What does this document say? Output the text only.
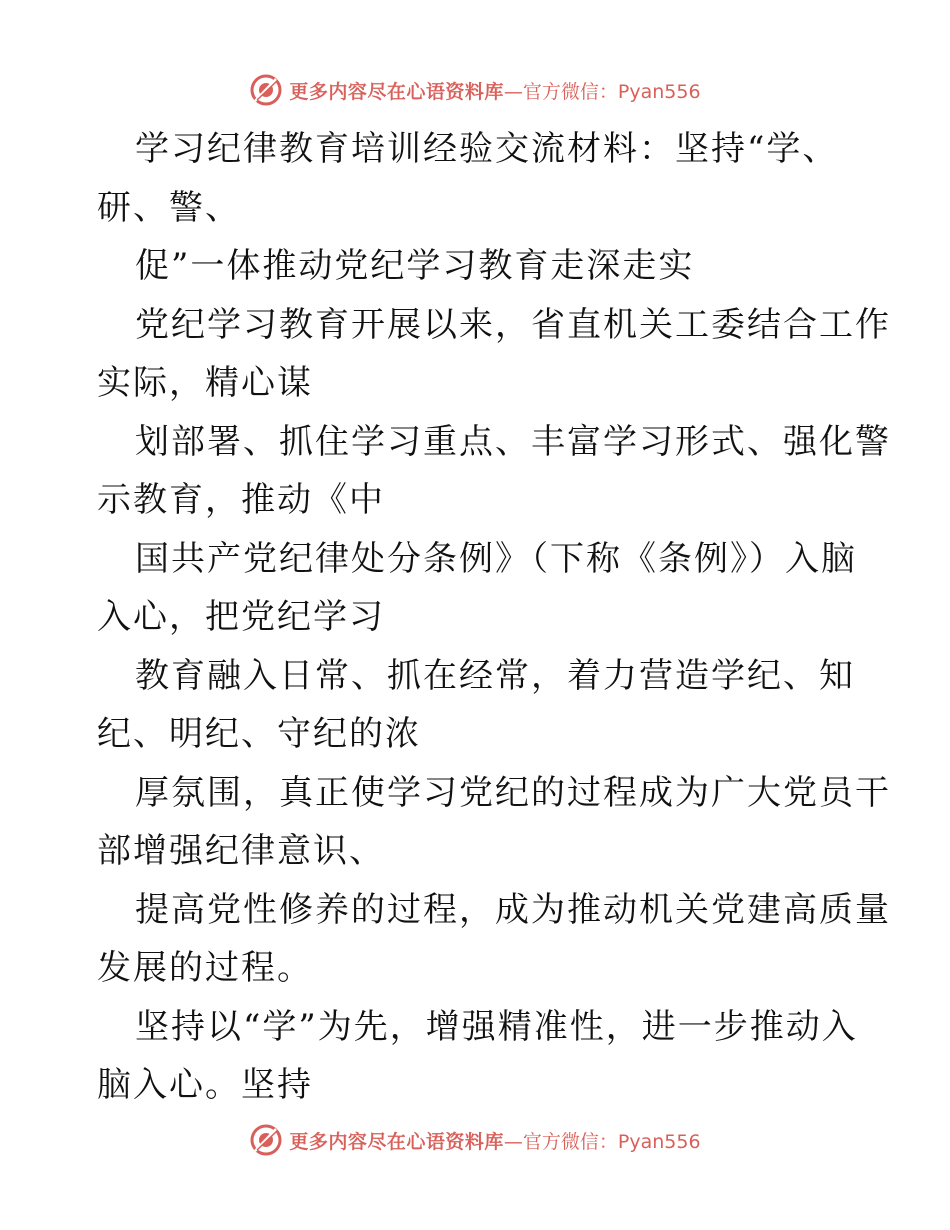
更多内容尽在心语资料库 —官方微信：Pyan556
学习纪律教育培训经验交流材料：坚持“学、
研、警、
促”一体推动党纪学习教育走深走实
党纪学习教育开展以来，省直机关工委结合工作
实际，精心谋
划部署、抓住学习重点、丰富学习形式、强化警
示教育，推动《中
国共产党纪律处分条例》（下称《条例》）入脑
入心，把党纪学习
教育融入日常、抓在经常，着力营造学纪、知
纪、明纪、守纪的浓
厚氛围，真正使学习党纪的过程成为广大党员干
部增强纪律意识、
提高党性修养的过程，成为推动机关党建高质量
发展的过程。
坚持以“学”为先，增强精准性，进一步推动入
脑入心。坚持
更多内容尽在心语资料库 —官方微信：Pyan556
